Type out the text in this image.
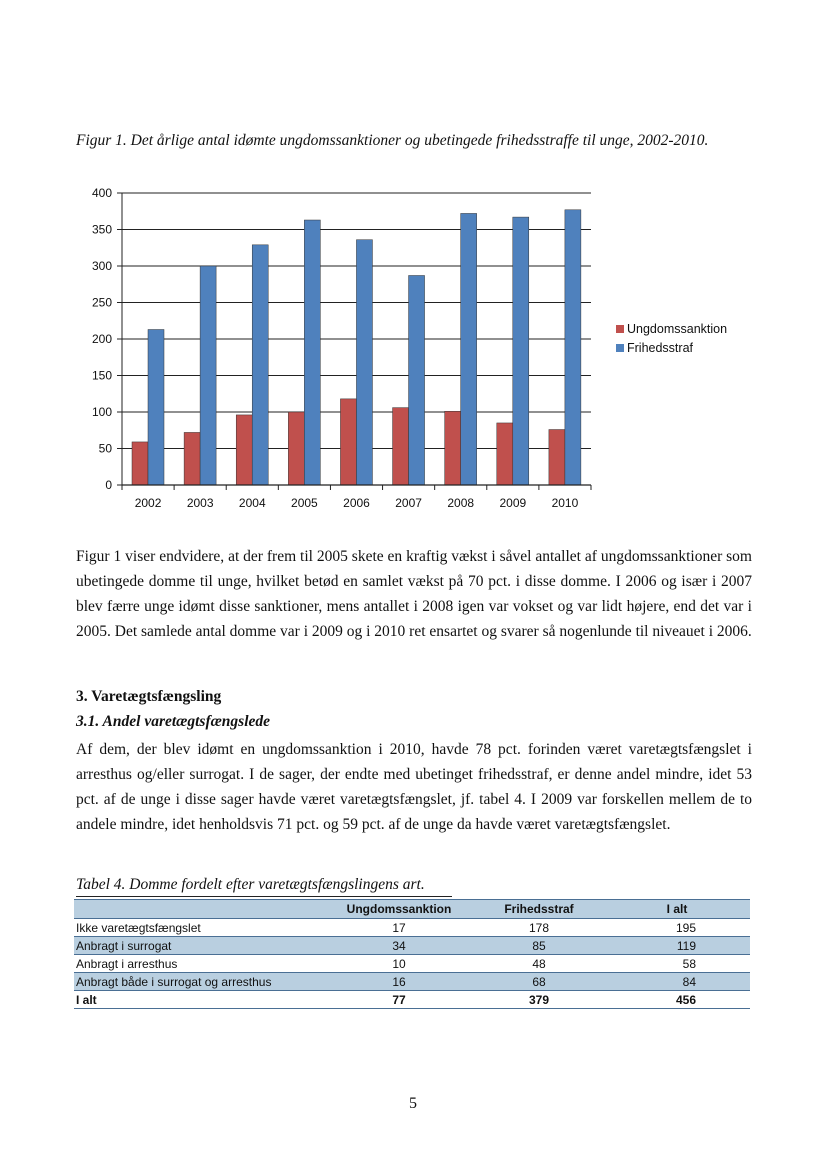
Figur 1. Det årlige antal idømte ungdomssanktioner og ubetingede frihedsstraffe til unge, 2002-2010.
0
50
100
150
200
250
300
350
400
2002 2003 2004 2005 2006 2007 2008 2009 2010
Ungdomssanktion
Frihedsstraf

Figur 1 viser endvidere, at der frem til 2005 skete en kraftig vækst i såvel antallet af ungdomssanktioner som ubetingede domme til unge, hvilket betød en samlet vækst på 70 pct. i disse domme. I 2006 og især i 2007 blev færre unge idømt disse sanktioner, mens antallet i 2008 igen var vokset og var lidt højere, end det var i 2005. Det samlede antal domme var i 2009 og i 2010 ret ensartet og svarer så nogenlunde til niveauet i 2006.

3. Varetægtsfængsling
3.1. Andel varetægtsfængslede

Af dem, der blev idømt en ungdomssanktion i 2010, havde 78 pct. forinden været varetægtsfængslet i arresthus og/eller surrogat. I de sager, der endte med ubetinget frihedsstraf, er denne andel mindre, idet 53 pct. af de unge i disse sager havde været varetægtsfængslet, jf. tabel 4. I 2009 var forskellen mellem de to andele mindre, idet henholdsvis 71 pct. og 59 pct. af de unge da havde været varetægtsfængslet.

Tabel 4. Domme fordelt efter varetægtsfængslingens art.
	Ungdomssanktion	Frihedsstraf	I alt
Ikke varetægtsfængslet	17	178	195
Anbragt i surrogat	34	85	119
Anbragt i arresthus	10	48	58
Anbragt både i surrogat og arresthus	16	68	84
I alt	77	379	456
5
